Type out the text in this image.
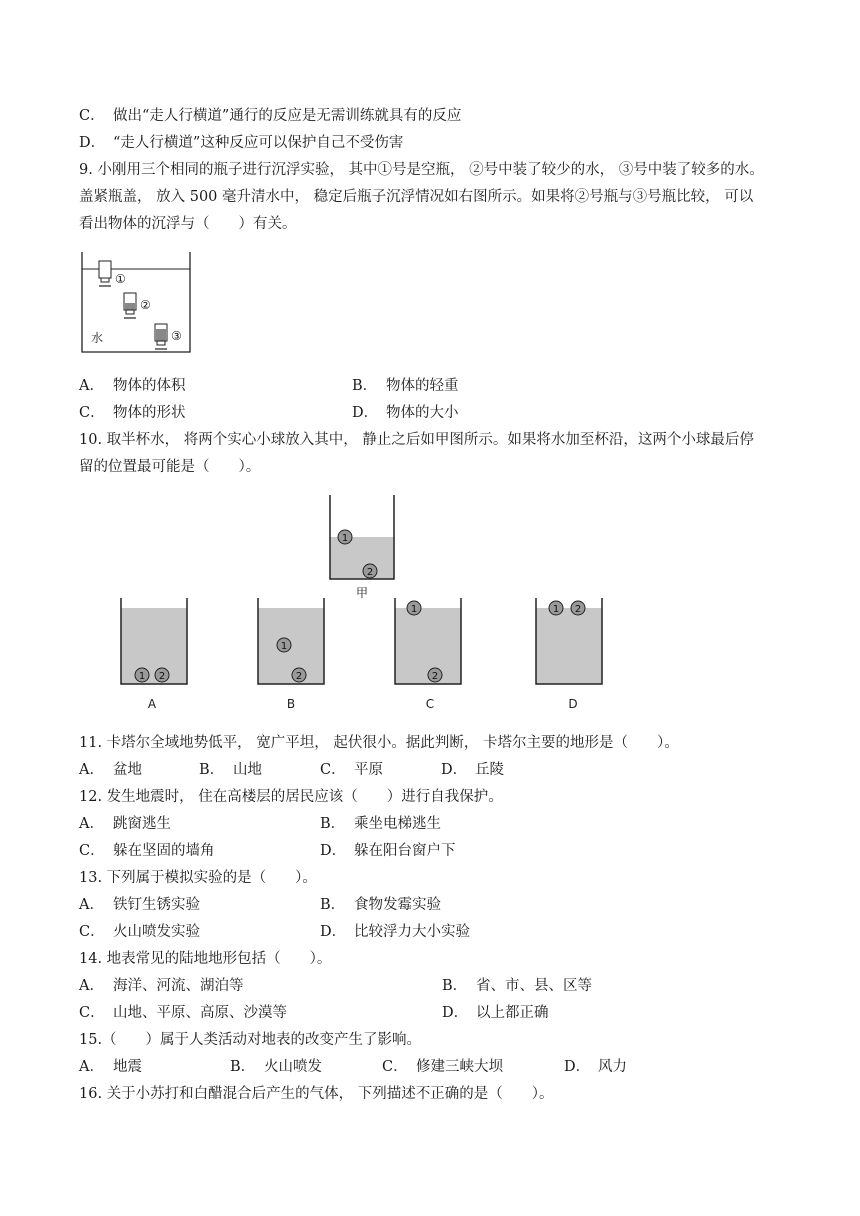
C． 做出“走人行横道”通行的反应是无需训练就具有的反应
D． “走人行横道”这种反应可以保护自己不受伤害
9. 小刚用三个相同的瓶子进行沉浮实验， 其中①号是空瓶， ②号中装了较少的水， ③号中装了较多的水。
盖紧瓶盖， 放入 500 毫升清水中， 稳定后瓶子沉浮情况如右图所示。如果将②号瓶与③号瓶比较， 可以
看出物体的沉浮与（　　）有关。
①
②
③
水
A． 物体的体积	B． 物体的轻重
C． 物体的形状	D． 物体的大小
10. 取半杯水， 将两个实心小球放入其中， 静止之后如甲图所示。如果将水加至杯沿，这两个小球最后停
留的位置最可能是（　　）。
1
2
甲
1 2
A
1
2
B
1
2
C
1 2
D
11. 卡塔尔全域地势低平， 宽广平坦， 起伏很小。据此判断， 卡塔尔主要的地形是（　　）。
A． 盆地	B． 山地	C． 平原	D． 丘陵
12. 发生地震时， 住在高楼层的居民应该（　　）进行自我保护。
A． 跳窗逃生	B． 乘坐电梯逃生
C． 躲在坚固的墙角	D． 躲在阳台窗户下
13. 下列属于模拟实验的是（　　）。
A． 铁钉生锈实验	B． 食物发霉实验
C． 火山喷发实验	D． 比较浮力大小实验
14. 地表常见的陆地地形包括（　　）。
A． 海洋、河流、湖泊等	B． 省、市、县、区等
C． 山地、平原、高原、沙漠等	D． 以上都正确
15.（　　）属于人类活动对地表的改变产生了影响。
A． 地震	B． 火山喷发	C． 修建三峡大坝	D． 风力
16. 关于小苏打和白醋混合后产生的气体， 下列描述不正确的是（　　）。
